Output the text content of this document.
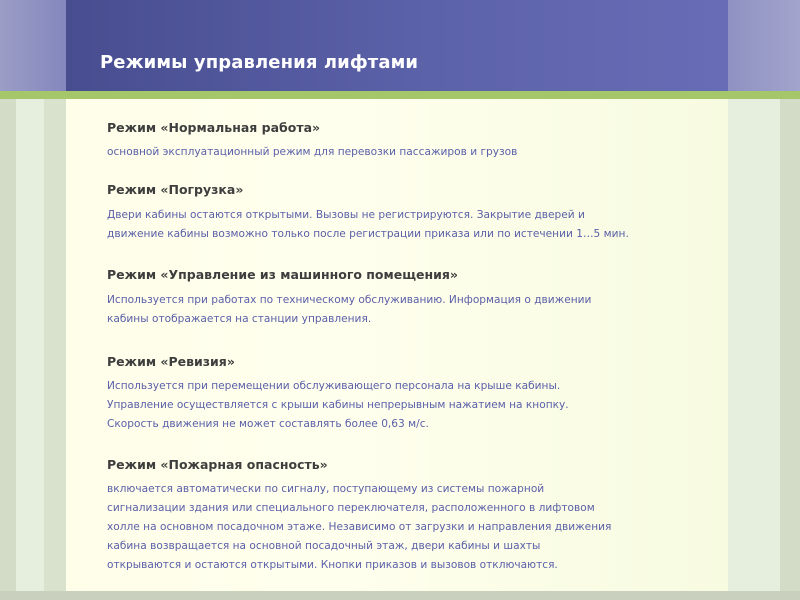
Режимы управления лифтами
Режим «Нормальная работа»

основной эксплуатационный режим для перевозки пассажиров и грузов

Режим «Погрузка»

Двери кабины остаются открытыми. Вызовы не регистрируются. Закрытие дверей и
движение кабины возможно только после регистрации приказа или по истечении 1…5 мин.

Режим «Управление из машинного помещения»

Используется при работах по техническому обслуживанию. Информация о движении
кабины отображается на станции управления.

Режим «Ревизия»

Используется при перемещении обслуживающего персонала на крыше кабины.
Управление осуществляется с крыши кабины непрерывным нажатием на кнопку.
Скорость движения не может составлять более 0,63 м/с.

Режим «Пожарная опасность»

включается автоматически по сигналу, поступающему из системы пожарной
сигнализации здания или специального переключателя, расположенного в лифтовом
холле на основном посадочном этаже. Независимо от загрузки и направления движения
кабина возвращается на основной посадочный этаж, двери кабины и шахты
открываются и остаются открытыми. Кнопки приказов и вызовов отключаются.
